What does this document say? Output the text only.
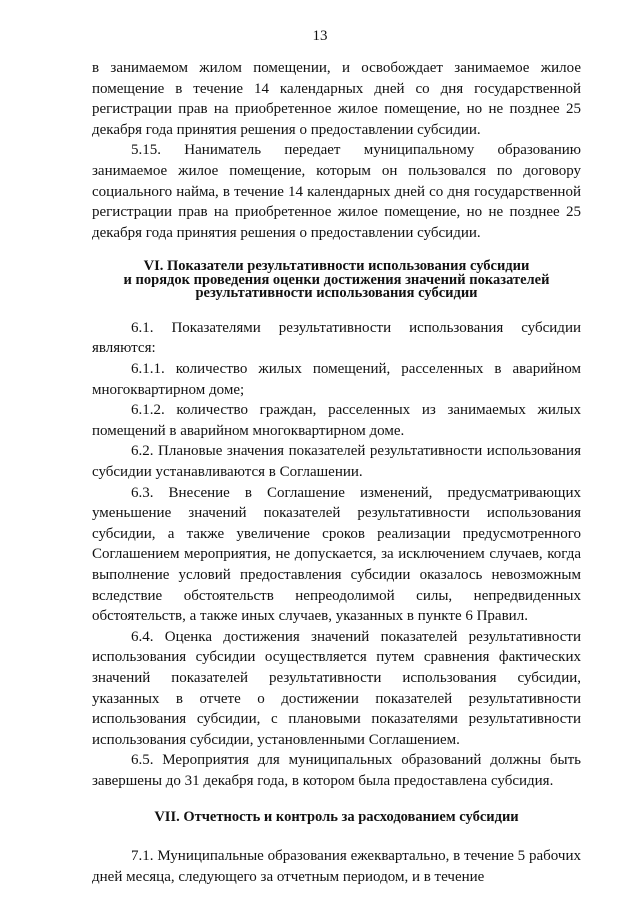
13

в занимаемом жилом помещении, и освобождает занимаемое жилое помещение в течение 14 календарных дней со дня государственной регистрации прав на приобретенное жилое помещение, но не позднее 25 декабря года принятия решения о предоставлении субсидии.

5.15. Наниматель передает муниципальному образованию занимаемое жилое помещение, которым он пользовался по договору социального найма, в течение 14 календарных дней со дня государственной регистрации прав на приобретенное жилое помещение, но не позднее 25 декабря года принятия решения о предоставлении субсидии.

VI. Показатели результативности использования субсидии
и порядок проведения оценки достижения значений показателей
результативности использования субсидии

6.1. Показателями результативности использования субсидии являются:

6.1.1. количество жилых помещений, расселенных в аварийном многоквартирном доме;

6.1.2. количество граждан, расселенных из занимаемых жилых помещений в аварийном многоквартирном доме.

6.2. Плановые значения показателей результативности использования субсидии устанавливаются в Соглашении.

6.3. Внесение в Соглашение изменений, предусматривающих уменьшение значений показателей результативности использования субсидии, а также увеличение сроков реализации предусмотренного Соглашением мероприятия, не допускается, за исключением случаев, когда выполнение условий предоставления субсидии оказалось невозможным вследствие обстоятельств непреодолимой силы, непредвиденных обстоятельств, а также иных случаев, указанных в пункте 6 Правил.

6.4. Оценка достижения значений показателей результативности использования субсидии осуществляется путем сравнения фактических значений показателей результативности использования субсидии, указанных в отчете о достижении показателей результативности использования субсидии, с плановыми показателями результативности использования субсидии, установленными Соглашением.

6.5. Мероприятия для муниципальных образований должны быть завершены до 31 декабря года, в котором была предоставлена субсидия.

VII. Отчетность и контроль за расходованием субсидии

7.1. Муниципальные образования ежеквартально, в течение 5 рабочих дней месяца, следующего за отчетным периодом, и в течение
